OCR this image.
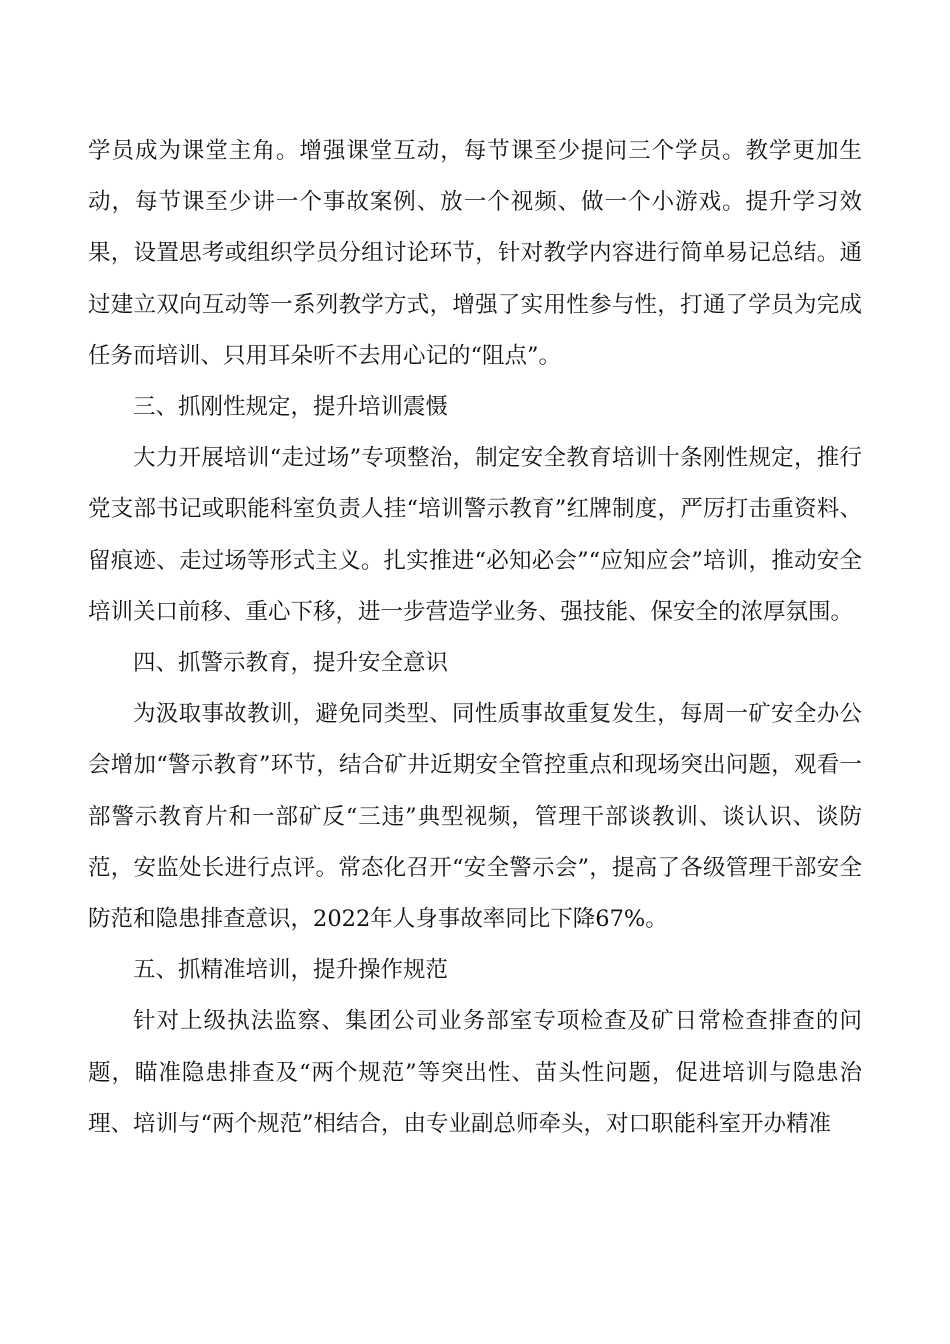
学员成为课堂主角。增强课堂互动，每节课至少提问三个学员。教学更加生动，每节课至少讲一个事故案例、放一个视频、做一个小游戏。提升学习效果，设置思考或组织学员分组讨论环节，针对教学内容进行简单易记总结。通过建立双向互动等一系列教学方式，增强了实用性参与性，打通了学员为完成任务而培训、只用耳朵听不去用心记的“阻点”。

三、抓刚性规定，提升培训震慑

大力开展培训“走过场”专项整治，制定安全教育培训十条刚性规定，推行党支部书记或职能科室负责人挂“培训警示教育”红牌制度，严厉打击重资料、留痕迹、走过场等形式主义。扎实推进“必知必会”“应知应会”培训，推动安全培训关口前移、重心下移，进一步营造学业务、强技能、保安全的浓厚氛围。

四、抓警示教育，提升安全意识

为汲取事故教训，避免同类型、同性质事故重复发生，每周一矿安全办公会增加“警示教育”环节，结合矿井近期安全管控重点和现场突出问题，观看一部警示教育片和一部矿反“三违”典型视频，管理干部谈教训、谈认识、谈防范，安监处长进行点评。常态化召开“安全警示会”，提高了各级管理干部安全防范和隐患排查意识，2022年人身事故率同比下降67%。

五、抓精准培训，提升操作规范

针对上级执法监察、集团公司业务部室专项检查及矿日常检查排查的问题，瞄准隐患排查及“两个规范”等突出性、苗头性问题，促进培训与隐患治理、培训与“两个规范”相结合，由专业副总师牵头，对口职能科室开办精准
